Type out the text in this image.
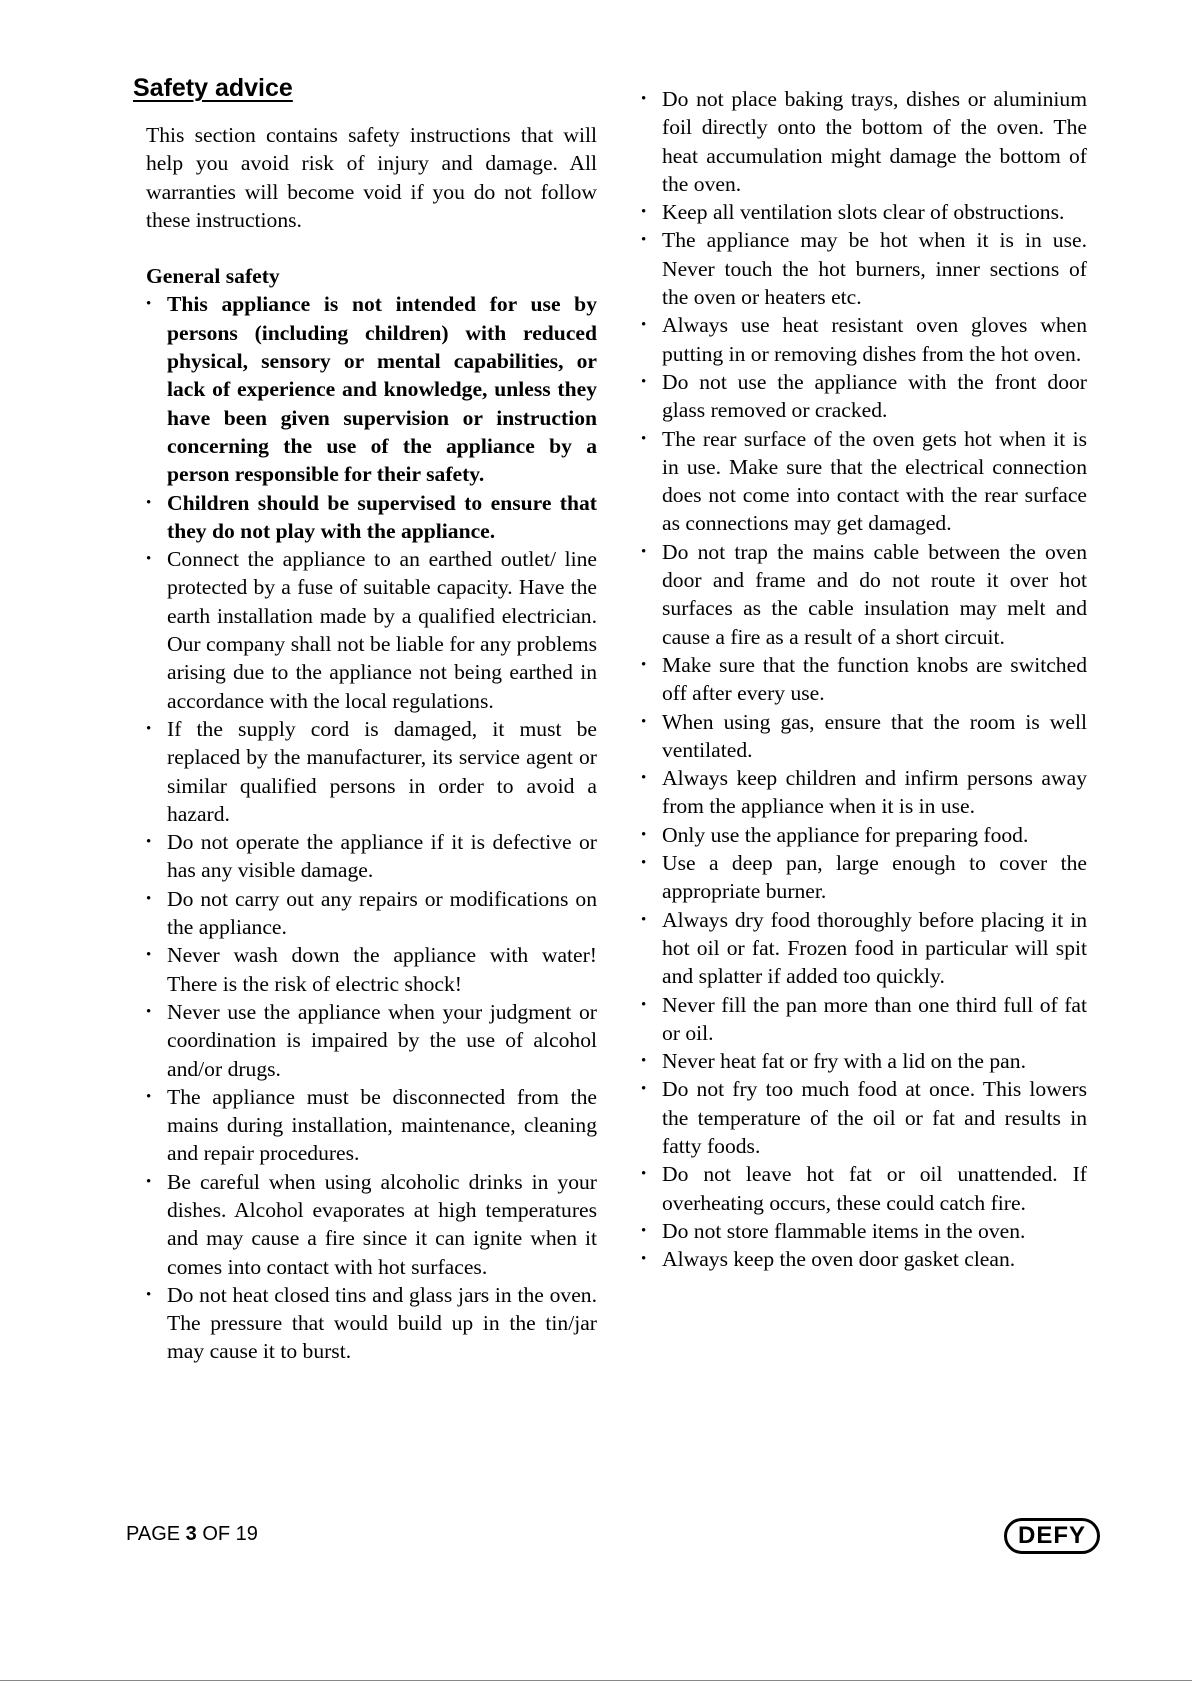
Safety advice

This section contains safety instructions that will help you avoid risk of injury and damage. All warranties will become void if you do not follow these instructions.

General safety

• This appliance is not intended for use by persons (including children) with reduced physical, sensory or mental capabilities, or lack of experience and knowledge, unless they have been given supervision or instruction concerning the use of the appliance by a person responsible for their safety.
• Children should be supervised to ensure that they do not play with the appliance.
• Connect the appliance to an earthed outlet/ line protected by a fuse of suitable capacity. Have the earth installation made by a qualified electrician. Our company shall not be liable for any problems arising due to the appliance not being earthed in accordance with the local regulations.
• If the supply cord is damaged, it must be replaced by the manufacturer, its service agent or similar qualified persons in order to avoid a hazard.
• Do not operate the appliance if it is defective or has any visible damage.
• Do not carry out any repairs or modifications on the appliance.
• Never wash down the appliance with water! There is the risk of electric shock!
• Never use the appliance when your judgment or coordination is impaired by the use of alcohol and/or drugs.
• The appliance must be disconnected from the mains during installation, maintenance, cleaning and repair procedures.
• Be careful when using alcoholic drinks in your dishes. Alcohol evaporates at high temperatures and may cause a fire since it can ignite when it comes into contact with hot surfaces.
• Do not heat closed tins and glass jars in the oven. The pressure that would build up in the tin/jar may cause it to burst.
• Do not place baking trays, dishes or aluminium foil directly onto the bottom of the oven. The heat accumulation might damage the bottom of the oven.
• Keep all ventilation slots clear of obstructions.
• The appliance may be hot when it is in use. Never touch the hot burners, inner sections of the oven or heaters etc.
• Always use heat resistant oven gloves when putting in or removing dishes from the hot oven.
• Do not use the appliance with the front door glass removed or cracked.
• The rear surface of the oven gets hot when it is in use. Make sure that the electrical connection does not come into contact with the rear surface as connections may get damaged.
• Do not trap the mains cable between the oven door and frame and do not route it over hot surfaces as the cable insulation may melt and cause a fire as a result of a short circuit.
• Make sure that the function knobs are switched off after every use.
• When using gas, ensure that the room is well ventilated.
• Always keep children and infirm persons away from the appliance when it is in use.
• Only use the appliance for preparing food.
• Use a deep pan, large enough to cover the appropriate burner.
• Always dry food thoroughly before placing it in hot oil or fat. Frozen food in particular will spit and splatter if added too quickly.
• Never fill the pan more than one third full of fat or oil.
• Never heat fat or fry with a lid on the pan.
• Do not fry too much food at once. This lowers the temperature of the oil or fat and results in fatty foods.
• Do not leave hot fat or oil unattended. If overheating occurs, these could catch fire.
• Do not store flammable items in the oven.
• Always keep the oven door gasket clean.
PAGE 3 OF 19	DEFY
